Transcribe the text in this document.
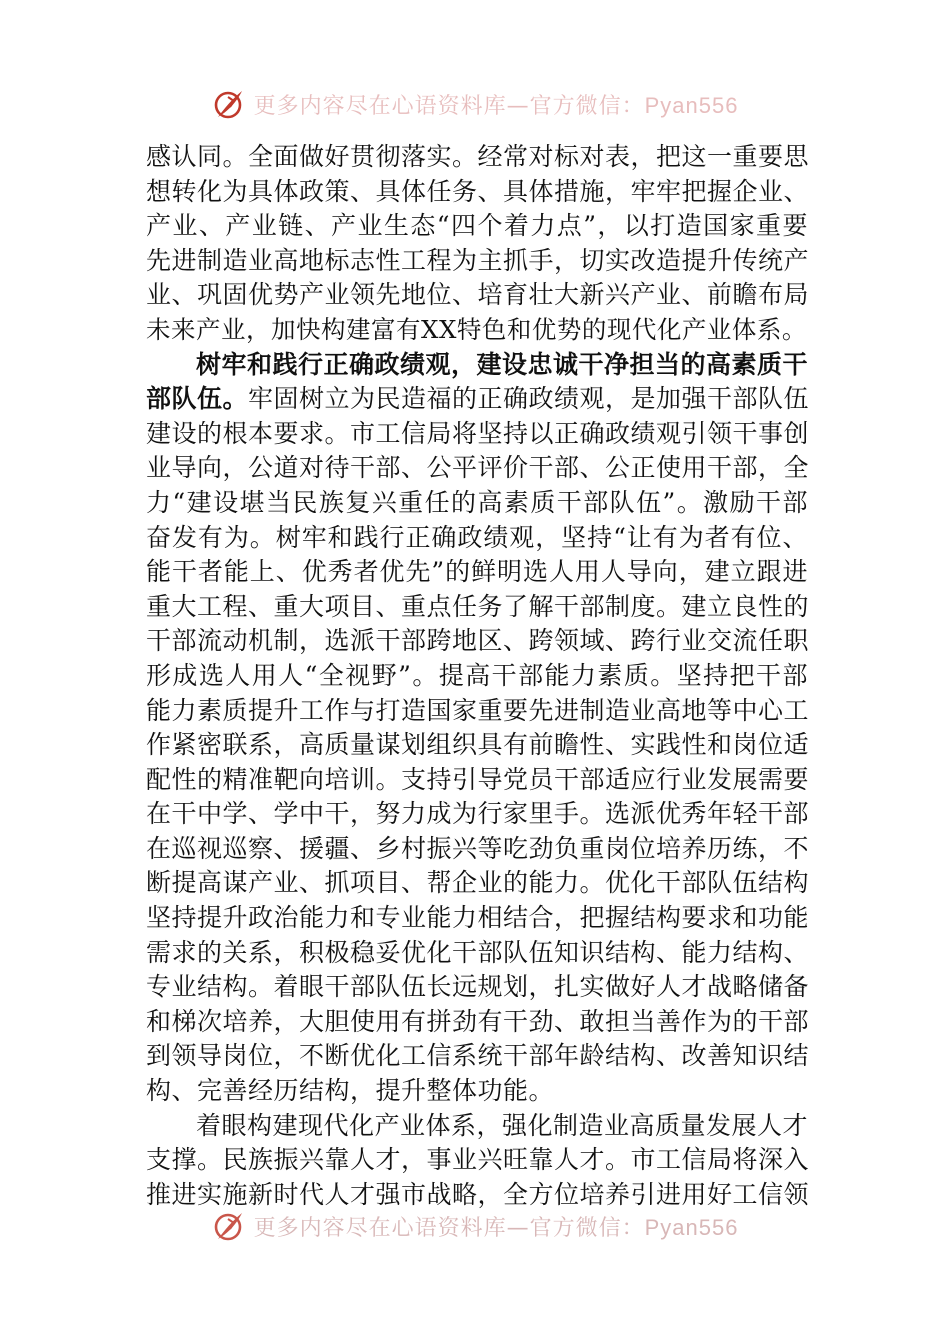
更多内容尽在心语资料库—官方微信：Pyan556
感认同。全面做好贯彻落实。经常对标对表，把这一重要思
想转化为具体政策、具体任务、具体措施，牢牢把握企业、
产业、产业链、产业生态“四个着力点”，以打造国家重要
先进制造业高地标志性工程为主抓手，切实改造提升传统产
业、巩固优势产业领先地位、培育壮大新兴产业、前瞻布局
未来产业，加快构建富有XX特色和优势的现代化产业体系。
树牢和践行正确政绩观，建设忠诚干净担当的高素质干
部队伍。牢固树立为民造福的正确政绩观，是加强干部队伍
建设的根本要求。市工信局将坚持以正确政绩观引领干事创
业导向，公道对待干部、公平评价干部、公正使用干部，全
力“建设堪当民族复兴重任的高素质干部队伍”。激励干部
奋发有为。树牢和践行正确政绩观，坚持“让有为者有位、
能干者能上、优秀者优先”的鲜明选人用人导向，建立跟进
重大工程、重大项目、重点任务了解干部制度。建立良性的
干部流动机制，选派干部跨地区、跨领域、跨行业交流任职
形成选人用人“全视野”。提高干部能力素质。坚持把干部
能力素质提升工作与打造国家重要先进制造业高地等中心工
作紧密联系，高质量谋划组织具有前瞻性、实践性和岗位适
配性的精准靶向培训。支持引导党员干部适应行业发展需要
在干中学、学中干，努力成为行家里手。选派优秀年轻干部
在巡视巡察、援疆、乡村振兴等吃劲负重岗位培养历练，不
断提高谋产业、抓项目、帮企业的能力。优化干部队伍结构
坚持提升政治能力和专业能力相结合，把握结构要求和功能
需求的关系，积极稳妥优化干部队伍知识结构、能力结构、
专业结构。着眼干部队伍长远规划，扎实做好人才战略储备
和梯次培养，大胆使用有拼劲有干劲、敢担当善作为的干部
到领导岗位，不断优化工信系统干部年龄结构、改善知识结
构、完善经历结构，提升整体功能。
着眼构建现代化产业体系，强化制造业高质量发展人才
支撑。民族振兴靠人才，事业兴旺靠人才。市工信局将深入
推进实施新时代人才强市战略，全方位培养引进用好工信领
更多内容尽在心语资料库—官方微信：Pyan556
